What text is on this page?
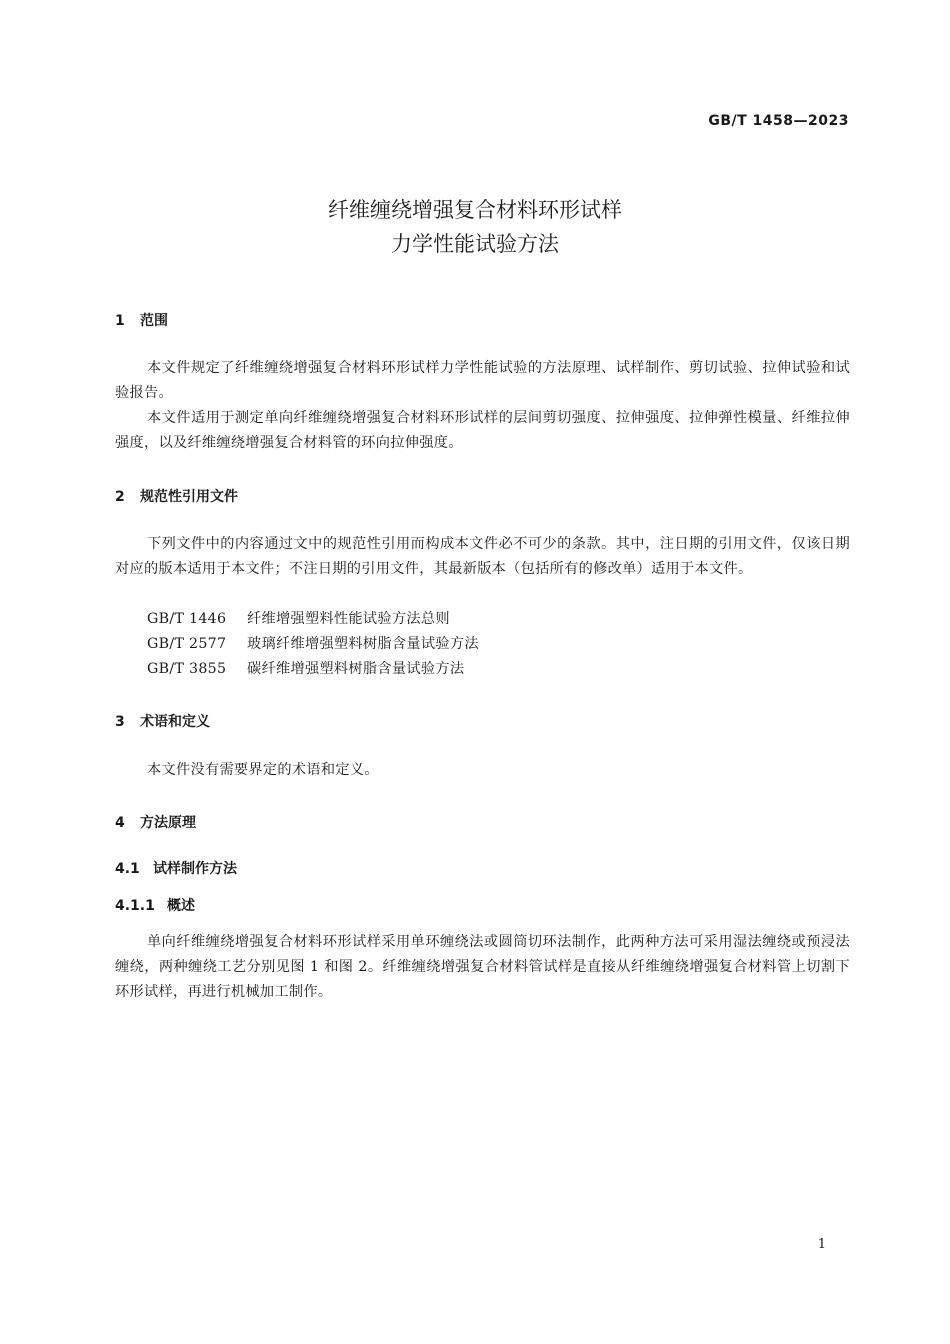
GB/T 1458—2023
纤维缠绕增强复合材料环形试样
力学性能试验方法
1 范围
本文件规定了纤维缠绕增强复合材料环形试样力学性能试验的方法原理、试样制作、剪切试验、拉伸试验和试验报告。
本文件适用于测定单向纤维缠绕增强复合材料环形试样的层间剪切强度、拉伸强度、拉伸弹性模量、纤维拉伸强度，以及纤维缠绕增强复合材料管的环向拉伸强度。
2 规范性引用文件
下列文件中的内容通过文中的规范性引用而构成本文件必不可少的条款。其中，注日期的引用文件，仅该日期对应的版本适用于本文件；不注日期的引用文件，其最新版本（包括所有的修改单）适用于本文件。
GB/T 1446 纤维增强塑料性能试验方法总则
GB/T 2577 玻璃纤维增强塑料树脂含量试验方法
GB/T 3855 碳纤维增强塑料树脂含量试验方法
3 术语和定义
本文件没有需要界定的术语和定义。
4 方法原理
4.1 试样制作方法
4.1.1 概述
单向纤维缠绕增强复合材料环形试样采用单环缠绕法或圆筒切环法制作，此两种方法可采用湿法缠绕或预浸法缠绕，两种缠绕工艺分别见图 1 和图 2。纤维缠绕增强复合材料管试样是直接从纤维缠绕增强复合材料管上切割下环形试样，再进行机械加工制作。
1
